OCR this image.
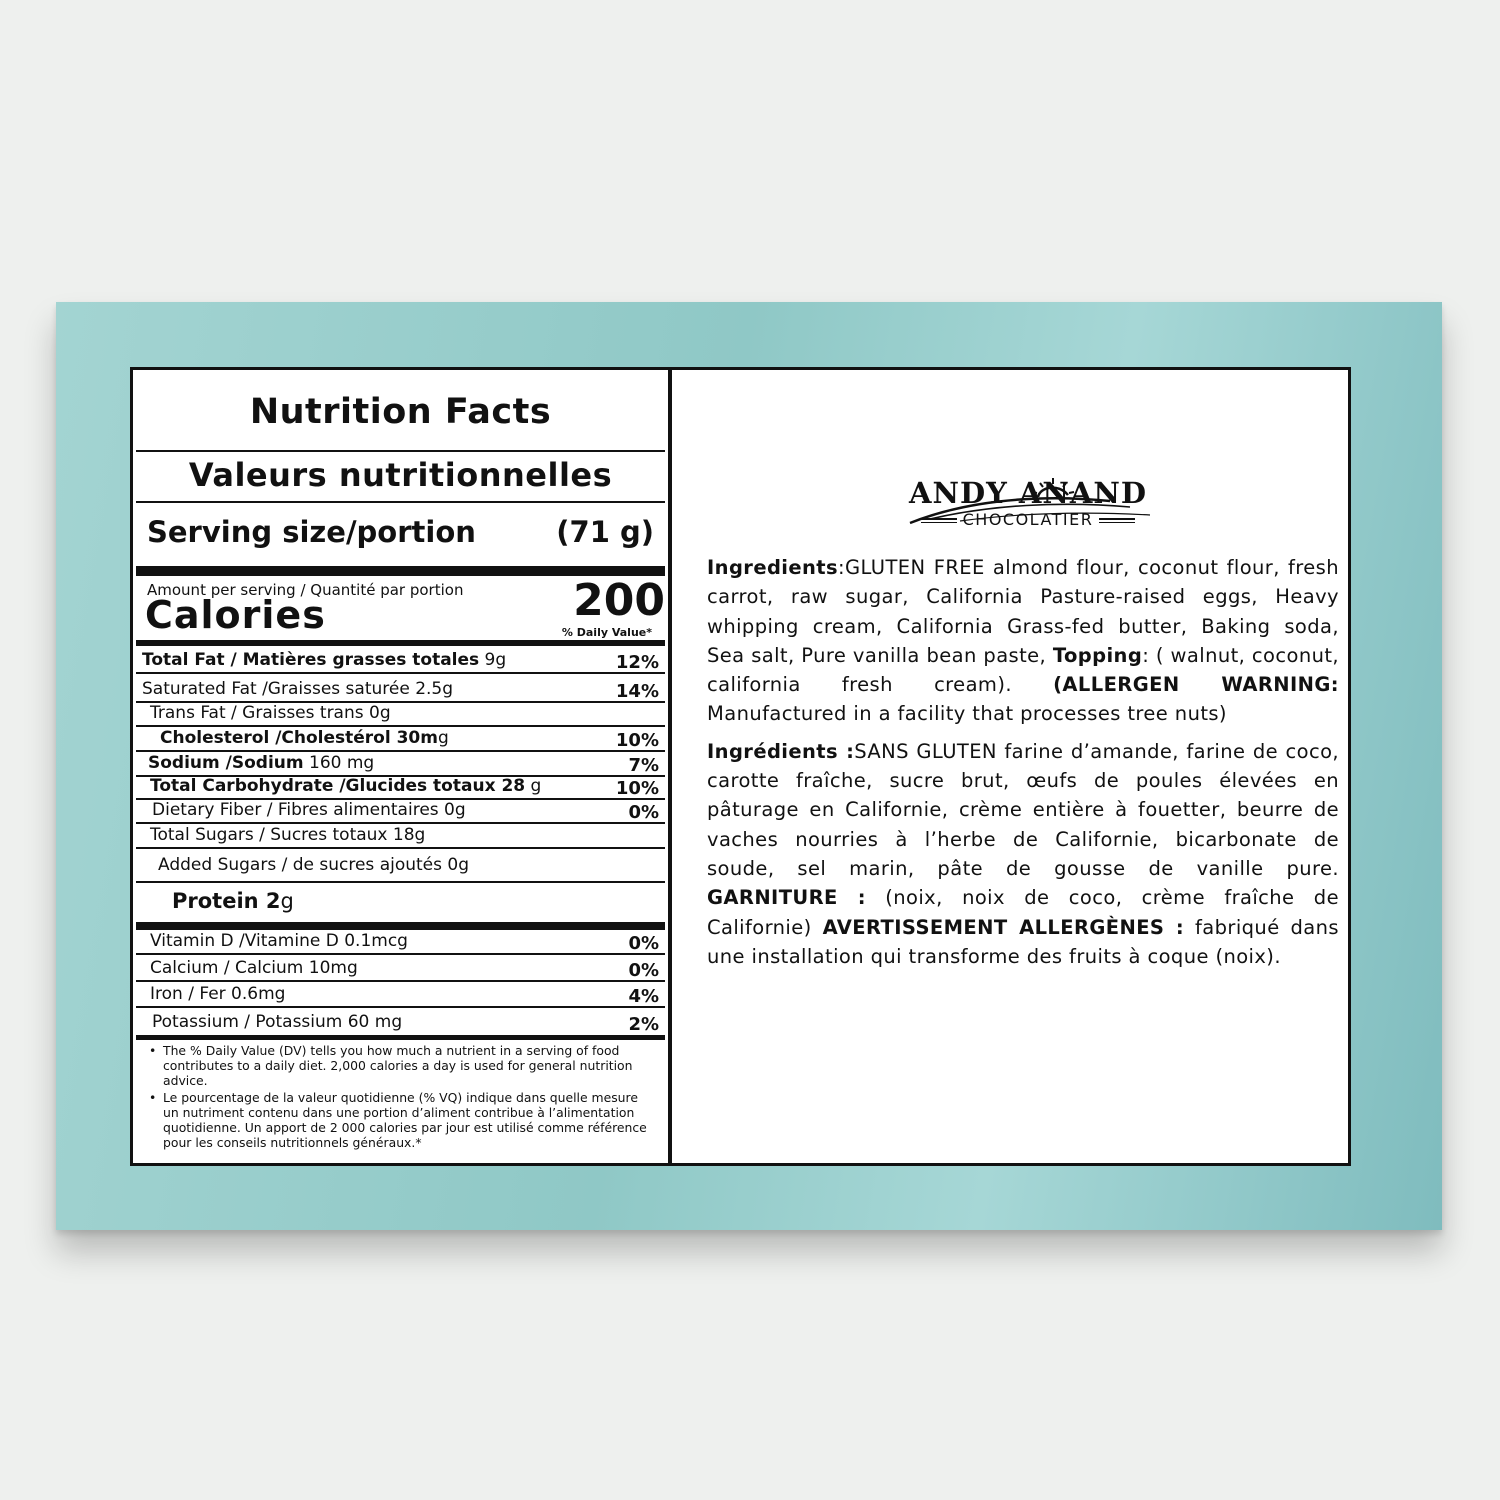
Nutrition Facts
Valeurs nutritionnelles
Serving size/portion	(71 g)
Amount per serving / Quantité par portion
Calories	200
% Daily Value*
Total Fat / Matières grasses totales 9g	12%
Saturated Fat /Graisses saturée 2.5g	14%
Trans Fat / Graisses trans 0g
Cholesterol /Cholestérol 30mg	10%
Sodium /Sodium 160 mg	7%
Total Carbohydrate /Glucides totaux 28 g	10%
Dietary Fiber / Fibres alimentaires 0g	0%
Total Sugars / Sucres totaux 18g
Added Sugars / de sucres ajoutés 0g
Protein 2g
Vitamin D /Vitamine D 0.1mcg	0%
Calcium / Calcium 10mg	0%
Iron / Fer 0.6mg	4%
Potassium / Potassium 60 mg	2%
• The % Daily Value (DV) tells you how much a nutrient in a serving of food contributes to a daily diet. 2,000 calories a day is used for general nutrition advice.
• Le pourcentage de la valeur quotidienne (% VQ) indique dans quelle mesure un nutriment contenu dans une portion d’aliment contribue à l’alimentation quotidienne. Un apport de 2 000 calories par jour est utilisé comme référence pour les conseils nutritionnels généraux.*
ANDY ANAND
CHOCOLATIER

Ingredients:GLUTEN FREE almond flour, coconut flour, fresh carrot, raw sugar, California Pasture-raised eggs, Heavy whipping cream, California Grass-fed butter, Baking soda, Sea salt, Pure vanilla bean paste, Topping: ( walnut, coconut, california fresh cream). (ALLERGEN WARNING: Manufactured in a facility that processes tree nuts)

Ingrédients :SANS GLUTEN farine d’amande, farine de coco, carotte fraîche, sucre brut, œufs de poules élevées en pâturage en Californie, crème entière à fouetter, beurre de vaches nourries à l’herbe de Californie, bicarbonate de soude, sel marin, pâte de gousse de vanille pure. GARNITURE : (noix, noix de coco, crème fraîche de Californie) AVERTISSEMENT ALLERGÈNES : fabriqué dans une installation qui transforme des fruits à coque (noix).
